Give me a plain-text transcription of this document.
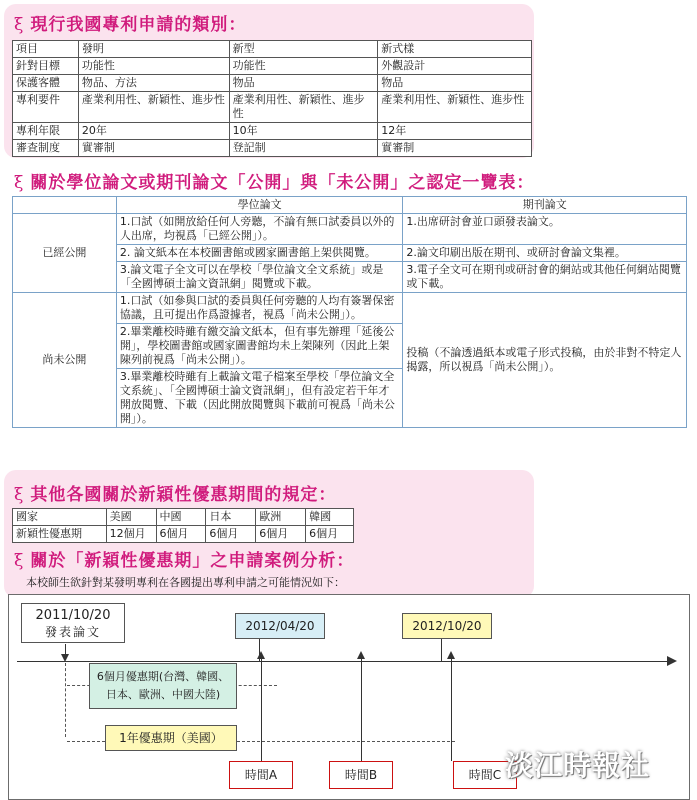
ξ 現行我國專利申請的類別：
項目	發明	新型	新式樣
針對目標	功能性	功能性	外觀設計
保護客體	物品、方法	物品	物品
專利要件	產業利用性、新穎性、進步性	產業利用性、新穎性、進步性	產業利用性、新穎性、進步性
專利年限	20年	10年	12年
審查制度	實審制	登記制	實審制
ξ 關於學位論文或期刊論文「公開」與「未公開」之認定一覽表：
	學位論文	期刊論文
已經公開	1.口試（如開放給任何人旁聽，不論有無口試委員以外的人出席，均視爲「已經公開」）。	1.出席研討會並口頭發表論文。
	2. 論文紙本在本校圖書館或國家圖書館上架供閱覽。	2.論文印刷出版在期刊、或研討會論文集裡。
	3.論文電子全文可以在學校「學位論文全文系統」或是「全國博碩士論文資訊網」閱覽或下載。	3.電子全文可在期刊或研討會的網站或其他任何網站閱覽或下載。
尚未公開	1.口試（如參與口試的委員與任何旁聽的人均有簽署保密協議，且可提出作爲證據者，視爲「尚未公開」）。	投稿（不論透過紙本或電子形式投稿，由於非對不特定人揭露，所以視爲「尚未公開」）。
	2.畢業離校時雖有繳交論文紙本，但有事先辦理「延後公開」，學校圖書館或國家圖書館均未上架陳列（因此上架陳列前視爲「尚未公開」）。	
	3.畢業離校時雖有上載論文電子檔案至學校「學位論文全文系統」、「全國博碩士論文資訊網」，但有設定若干年才開放閱覽、下載（因此開放閱覽與下載前可視爲「尚未公開」）。	
ξ 其他各國關於新穎性優惠期間的規定：
國家	美國	中國	日本	歐洲	韓國
新穎性優惠期	12個月	6個月	6個月	6個月	6個月
ξ 關於「新穎性優惠期」之申請案例分析：
本校師生欲針對某發明專利在各國提出專利申請之可能情況如下：
2011/10/20
發表論文	2012/04/20	2012/10/20
6個月優惠期(台灣、韓國、
日本、歐洲、中國大陸)
1年優惠期（美國）
時間A	時間B	時間C 淡江時報社
